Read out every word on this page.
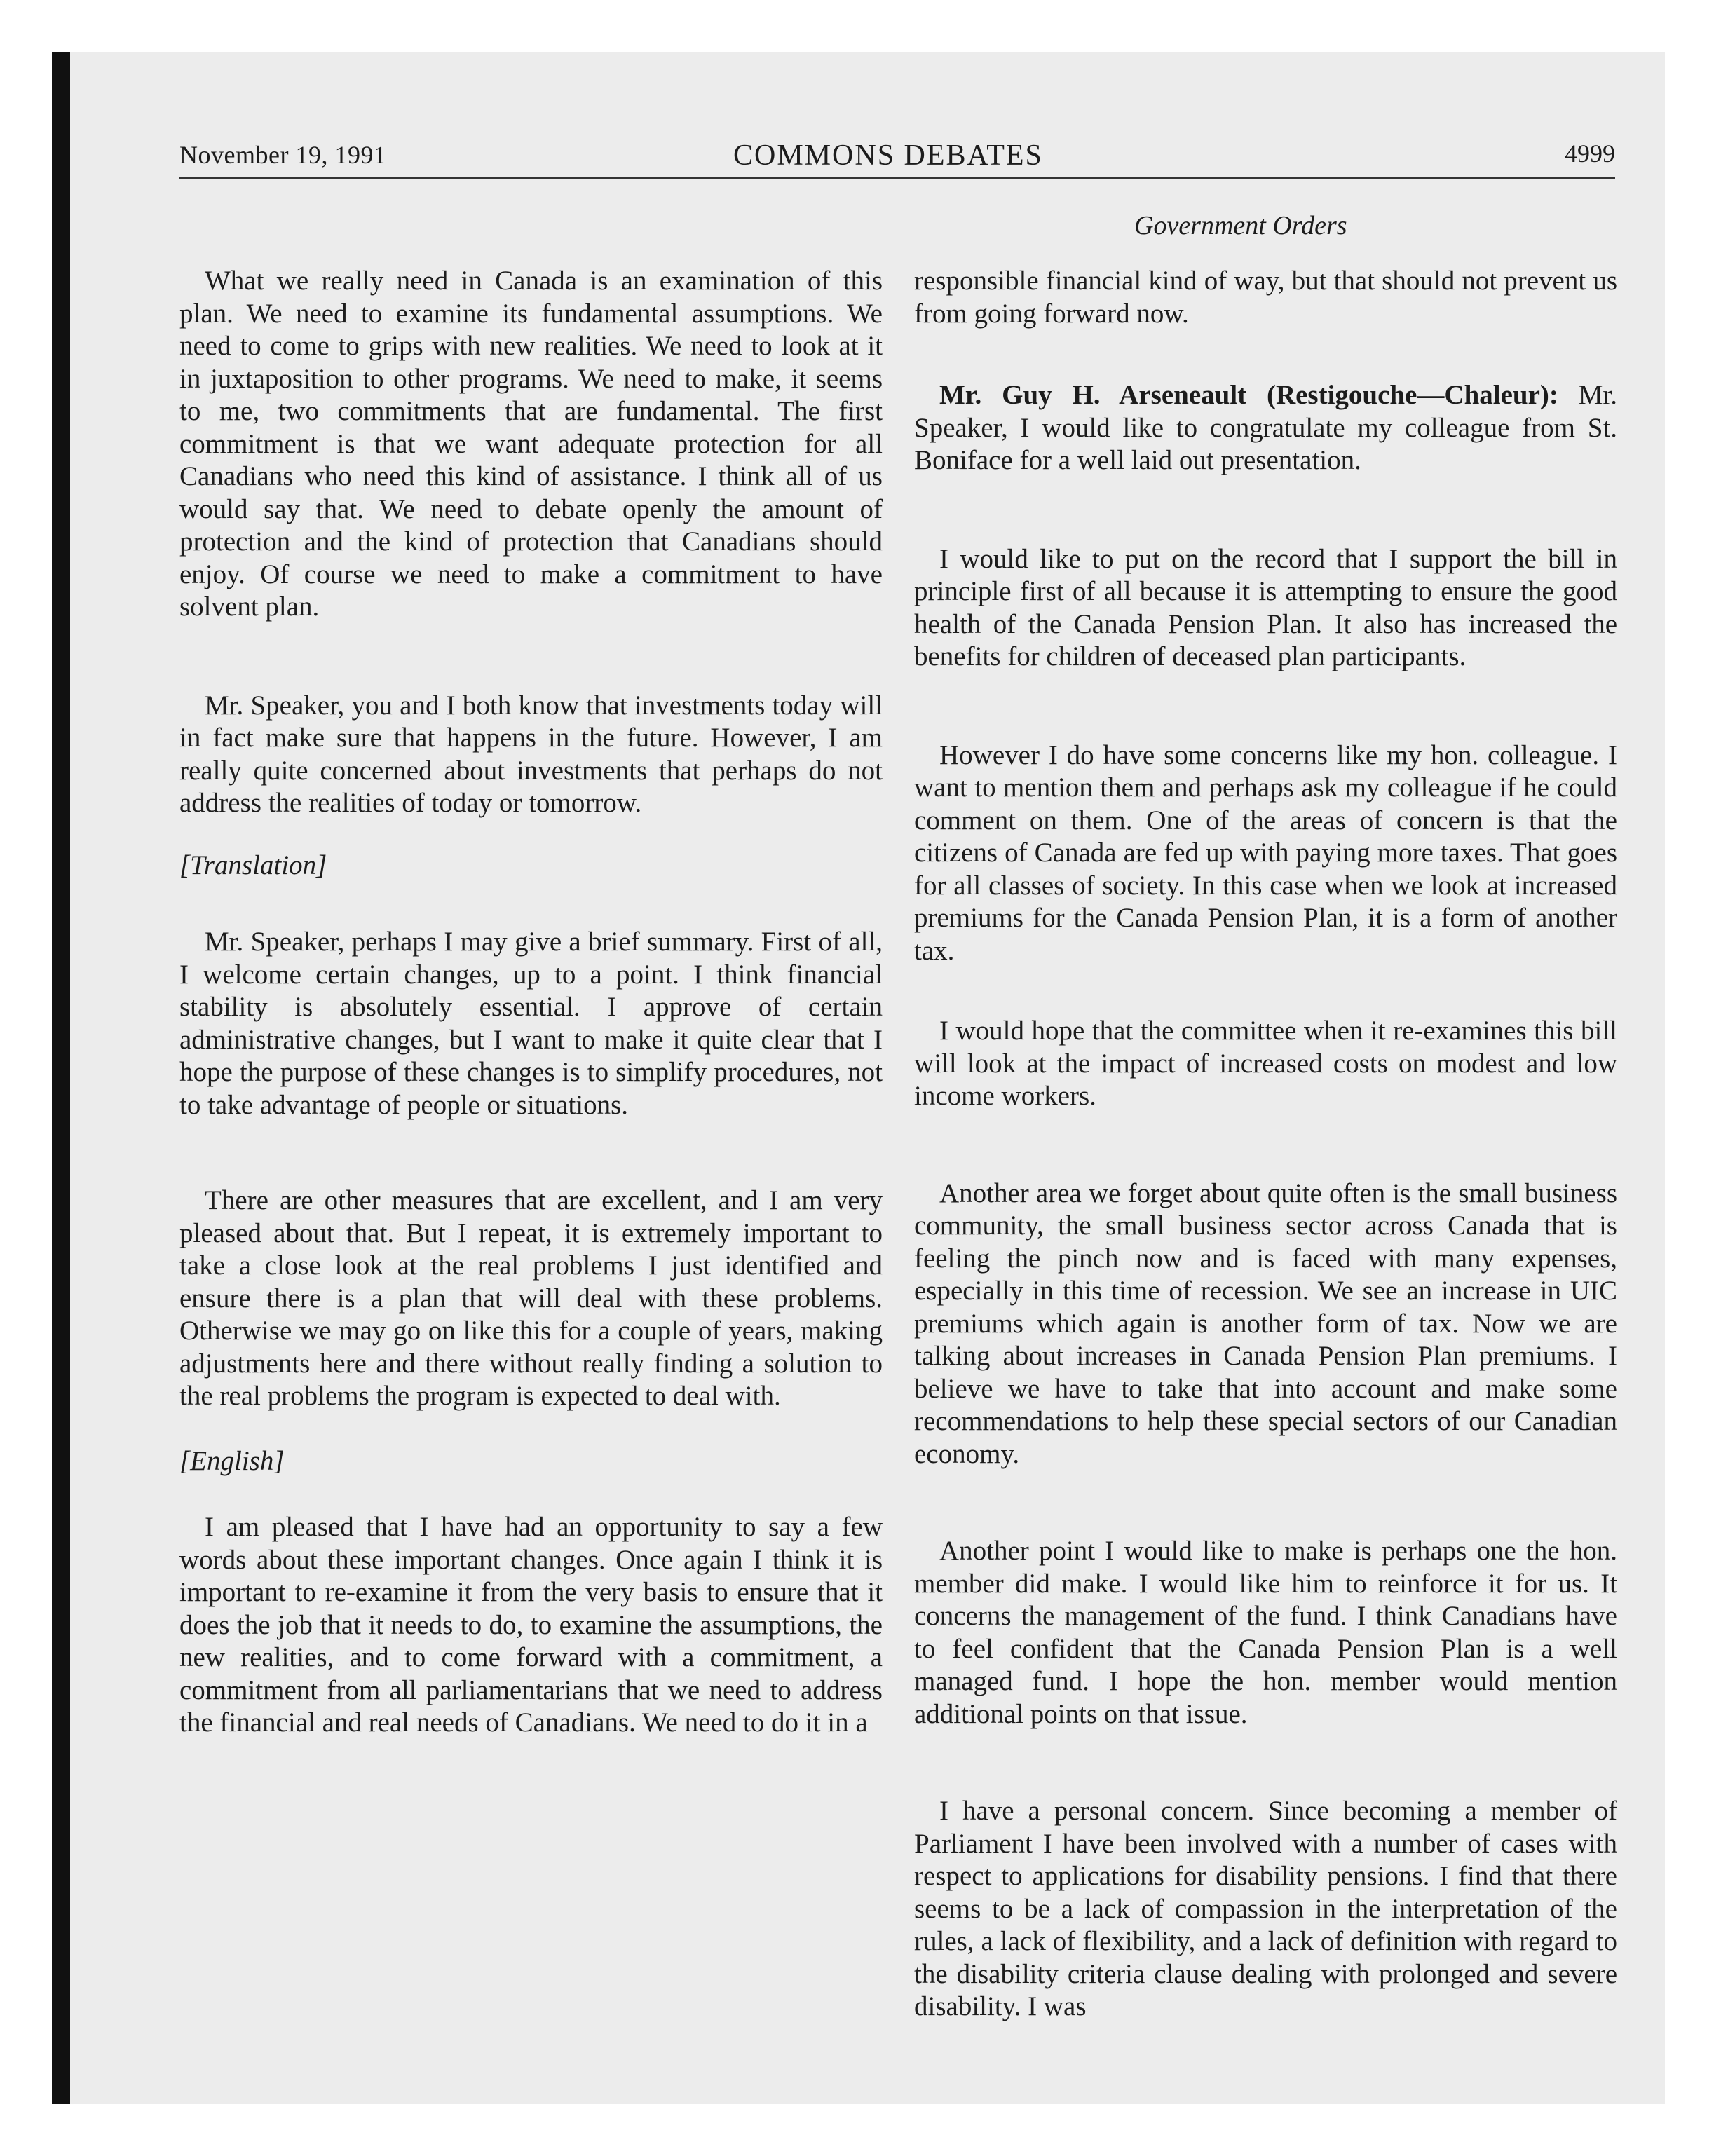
November 19, 1991	COMMONS DEBATES	4999
Government Orders

What we really need in Canada is an examination of this plan. We need to examine its fundamental assumptions. We need to come to grips with new realities. We need to look at it in juxtaposition to other programs. We need to make, it seems to me, two commitments that are fundamental. The first commitment is that we want adequate protection for all Canadians who need this kind of assistance. I think all of us would say that. We need to debate openly the amount of protection and the kind of protection that Canadians should enjoy. Of course we need to make a commitment to have solvent plan.

Mr. Speaker, you and I both know that investments today will in fact make sure that happens in the future. However, I am really quite concerned about investments that perhaps do not address the realities of today or tomorrow.

[Translation]

Mr. Speaker, perhaps I may give a brief summary. First of all, I welcome certain changes, up to a point. I think financial stability is absolutely essential. I approve of certain administrative changes, but I want to make it quite clear that I hope the purpose of these changes is to simplify procedures, not to take advantage of people or situations.

There are other measures that are excellent, and I am very pleased about that. But I repeat, it is extremely important to take a close look at the real problems I just identified and ensure there is a plan that will deal with these problems. Otherwise we may go on like this for a couple of years, making adjustments here and there without really finding a solution to the real problems the program is expected to deal with.

[English]

I am pleased that I have had an opportunity to say a few words about these important changes. Once again I think it is important to re-examine it from the very basis to ensure that it does the job that it needs to do, to examine the assumptions, the new realities, and to come forward with a commitment, a commitment from all parliamentarians that we need to address the financial and real needs of Canadians. We need to do it in a

responsible financial kind of way, but that should not prevent us from going forward now.

Mr. Guy H. Arseneault (Restigouche—Chaleur): Mr. Speaker, I would like to congratulate my colleague from St. Boniface for a well laid out presentation.

I would like to put on the record that I support the bill in principle first of all because it is attempting to ensure the good health of the Canada Pension Plan. It also has increased the benefits for children of deceased plan participants.

However I do have some concerns like my hon. colleague. I want to mention them and perhaps ask my colleague if he could comment on them. One of the areas of concern is that the citizens of Canada are fed up with paying more taxes. That goes for all classes of society. In this case when we look at increased premiums for the Canada Pension Plan, it is a form of another tax.

I would hope that the committee when it re-examines this bill will look at the impact of increased costs on modest and low income workers.

Another area we forget about quite often is the small business community, the small business sector across Canada that is feeling the pinch now and is faced with many expenses, especially in this time of recession. We see an increase in UIC premiums which again is another form of tax. Now we are talking about increases in Canada Pension Plan premiums. I believe we have to take that into account and make some recommendations to help these special sectors of our Canadian economy.

Another point I would like to make is perhaps one the hon. member did make. I would like him to reinforce it for us. It concerns the management of the fund. I think Canadians have to feel confident that the Canada Pension Plan is a well managed fund. I hope the hon. member would mention additional points on that issue.

I have a personal concern. Since becoming a member of Parliament I have been involved with a number of cases with respect to applications for disability pensions. I find that there seems to be a lack of compassion in the interpretation of the rules, a lack of flexibility, and a lack of definition with regard to the disability criteria clause dealing with prolonged and severe disability. I was
